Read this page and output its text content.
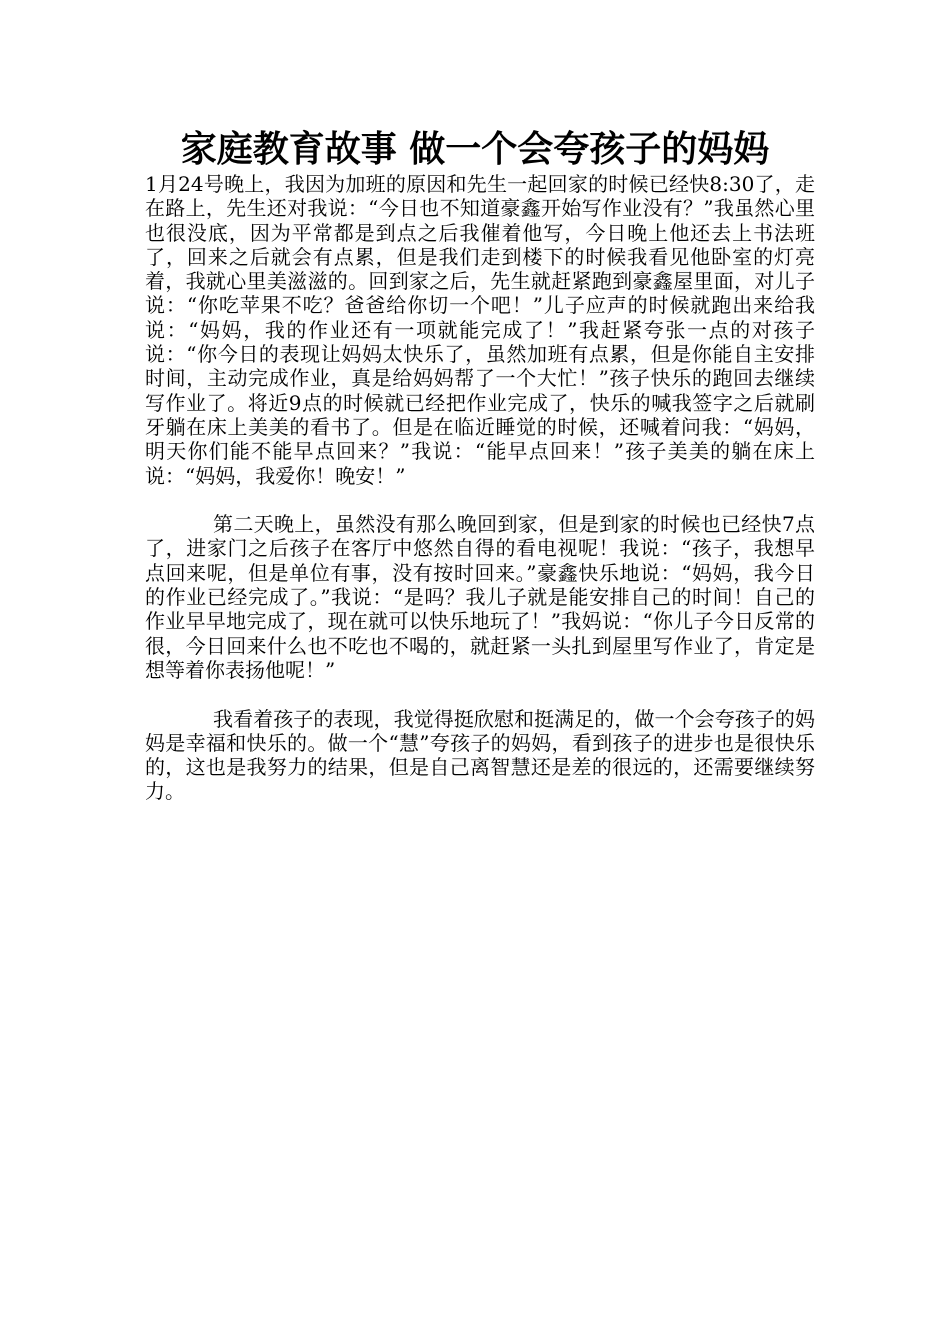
家庭教育故事 做一个会夸孩子的妈妈

1月24号晚上，我因为加班的原因和先生一起回家的时候已经快8:30了，走在路上，先生还对我说：“今日也不知道豪鑫开始写作业没有？”我虽然心里也很没底，因为平常都是到点之后我催着他写，今日晚上他还去上书法班了，回来之后就会有点累，但是我们走到楼下的时候我看见他卧室的灯亮着，我就心里美滋滋的。回到家之后，先生就赶紧跑到豪鑫屋里面，对儿子说：“你吃苹果不吃？爸爸给你切一个吧！”儿子应声的时候就跑出来给我说：“妈妈，我的作业还有一项就能完成了！”我赶紧夸张一点的对孩子说：“你今日的表现让妈妈太快乐了，虽然加班有点累，但是你能自主安排时间，主动完成作业，真是给妈妈帮了一个大忙！”孩子快乐的跑回去继续写作业了。将近9点的时候就已经把作业完成了，快乐的喊我签字之后就刷牙躺在床上美美的看书了。但是在临近睡觉的时候，还喊着问我：“妈妈，明天你们能不能早点回来？”我说：“能早点回来！”孩子美美的躺在床上说：“妈妈，我爱你！晚安！”

第二天晚上，虽然没有那么晚回到家，但是到家的时候也已经快7点了，进家门之后孩子在客厅中悠然自得的看电视呢！我说：“孩子，我想早点回来呢，但是单位有事，没有按时回来。”豪鑫快乐地说：“妈妈，我今日的作业已经完成了。”我说：“是吗？我儿子就是能安排自己的时间！自己的作业早早地完成了，现在就可以快乐地玩了！”我妈说：“你儿子今日反常的很，今日回来什么也不吃也不喝的，就赶紧一头扎到屋里写作业了，肯定是想等着你表扬他呢！”

我看着孩子的表现，我觉得挺欣慰和挺满足的，做一个会夸孩子的妈妈是幸福和快乐的。做一个“慧”夸孩子的妈妈，看到孩子的进步也是很快乐的，这也是我努力的结果，但是自己离智慧还是差的很远的，还需要继续努力。
